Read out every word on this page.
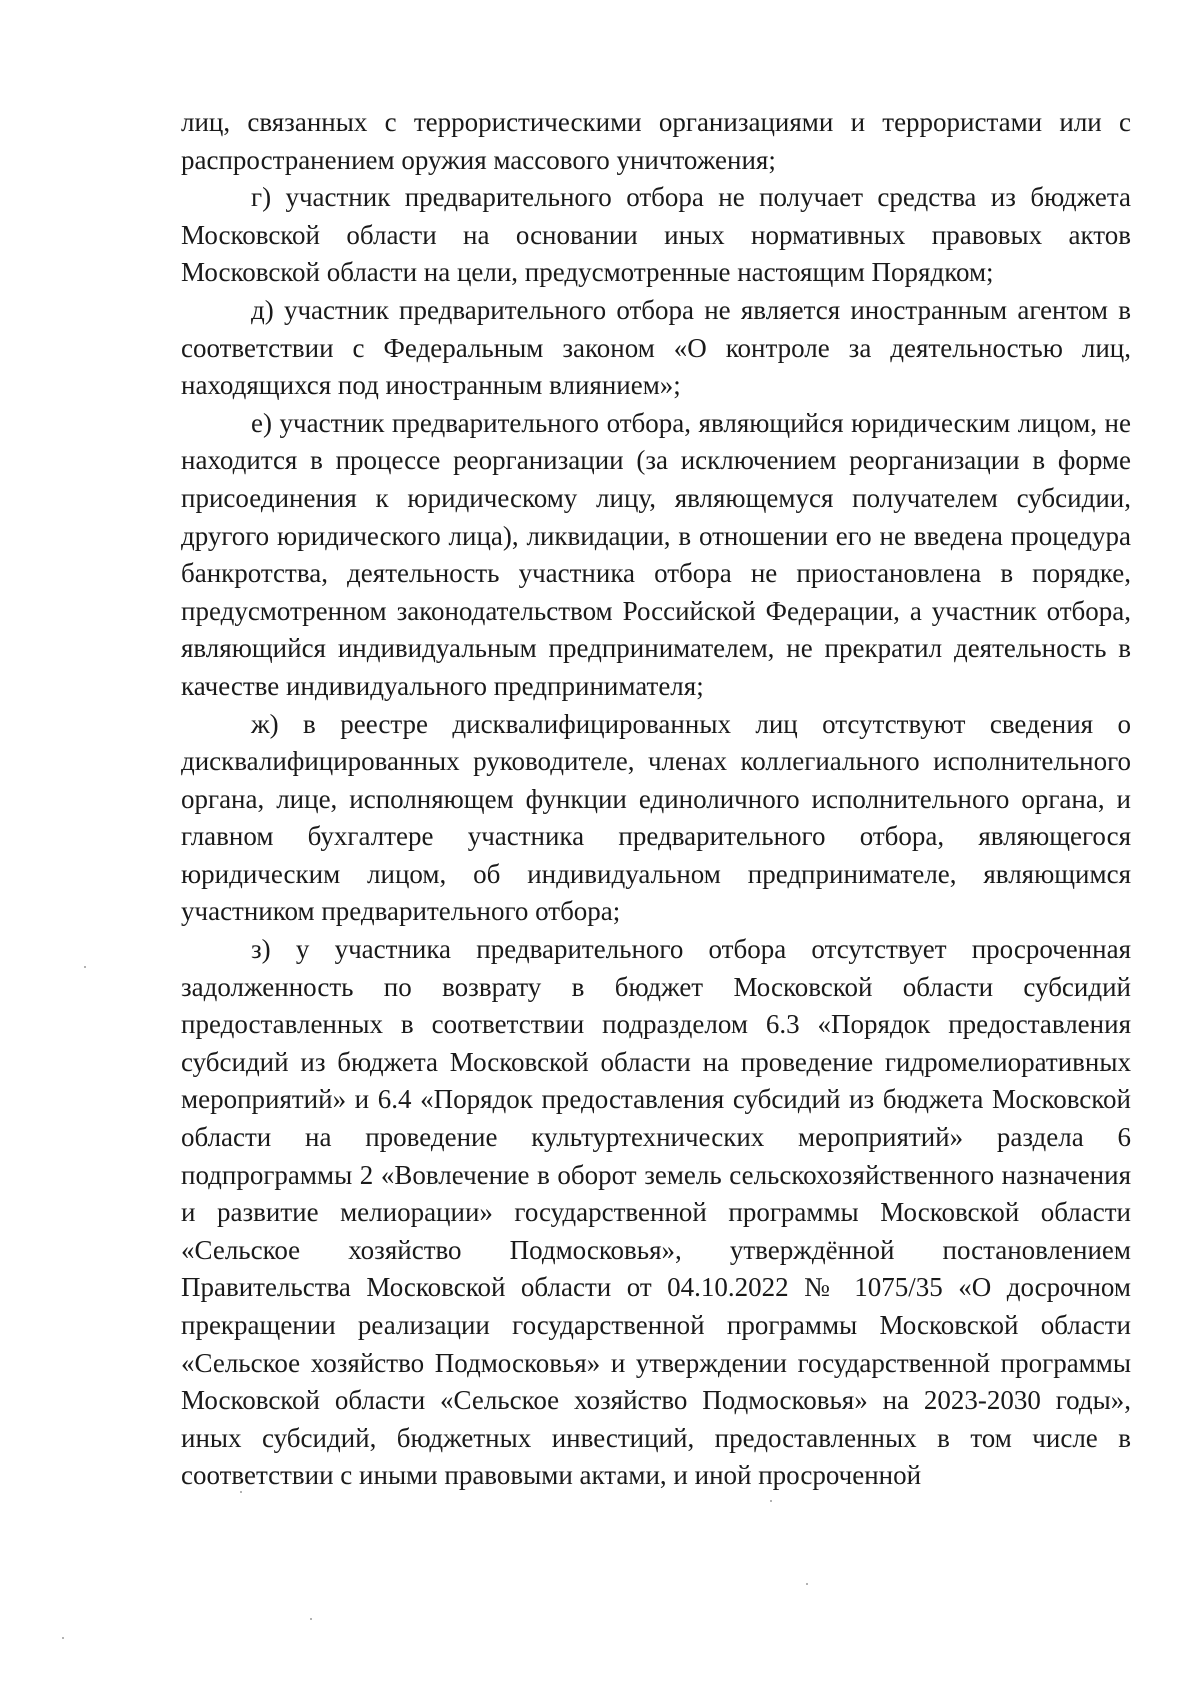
лиц, связанных с террористическими организациями и террористами или с распространением оружия массового уничтожения;

г) участник предварительного отбора не получает средства из бюджета Московской области на основании иных нормативных правовых актов Московской области на цели, предусмотренные настоящим Порядком;

д) участник предварительного отбора не является иностранным агентом в соответствии с Федеральным законом «О контроле за деятельностью лиц, находящихся под иностранным влиянием»;

е) участник предварительного отбора, являющийся юридическим лицом, не находится в процессе реорганизации (за исключением реорганизации в форме присоединения к юридическому лицу, являющемуся получателем субсидии, другого юридического лица), ликвидации, в отношении его не введена процедура банкротства, деятельность участника отбора не приостановлена в порядке, предусмотренном законодательством Российской Федерации, а участник отбора, являющийся индивидуальным предпринимателем, не прекратил деятельность в качестве индивидуального предпринимателя;

ж) в реестре дисквалифицированных лиц отсутствуют сведения о дисквалифицированных руководителе, членах коллегиального исполнительного органа, лице, исполняющем функции единоличного исполнительного органа, и главном бухгалтере участника предварительного отбора, являющегося юридическим лицом, об индивидуальном предпринимателе, являющимся участником предварительного отбора;

з) у участника предварительного отбора отсутствует просроченная задолженность по возврату в бюджет Московской области субсидий предоставленных в соответствии подразделом 6.3 «Порядок предоставления субсидий из бюджета Московской области на проведение гидромелиоративных мероприятий» и 6.4 «Порядок предоставления субсидий из бюджета Московской области на проведение культуртехнических мероприятий» раздела 6 подпрограммы 2 «Вовлечение в оборот земель сельскохозяйственного назначения и развитие мелиорации» государственной программы Московской области «Сельское хозяйство Подмосковья», утверждённой постановлением Правительства Московской области от 04.10.2022 № 1075/35 «О досрочном прекращении реализации государственной программы Московской области «Сельское хозяйство Подмосковья» и утверждении государственной программы Московской области «Сельское хозяйство Подмосковья» на 2023-2030 годы», иных субсидий, бюджетных инвестиций, предоставленных в том числе в соответствии с иными правовыми актами, и иной просроченной
